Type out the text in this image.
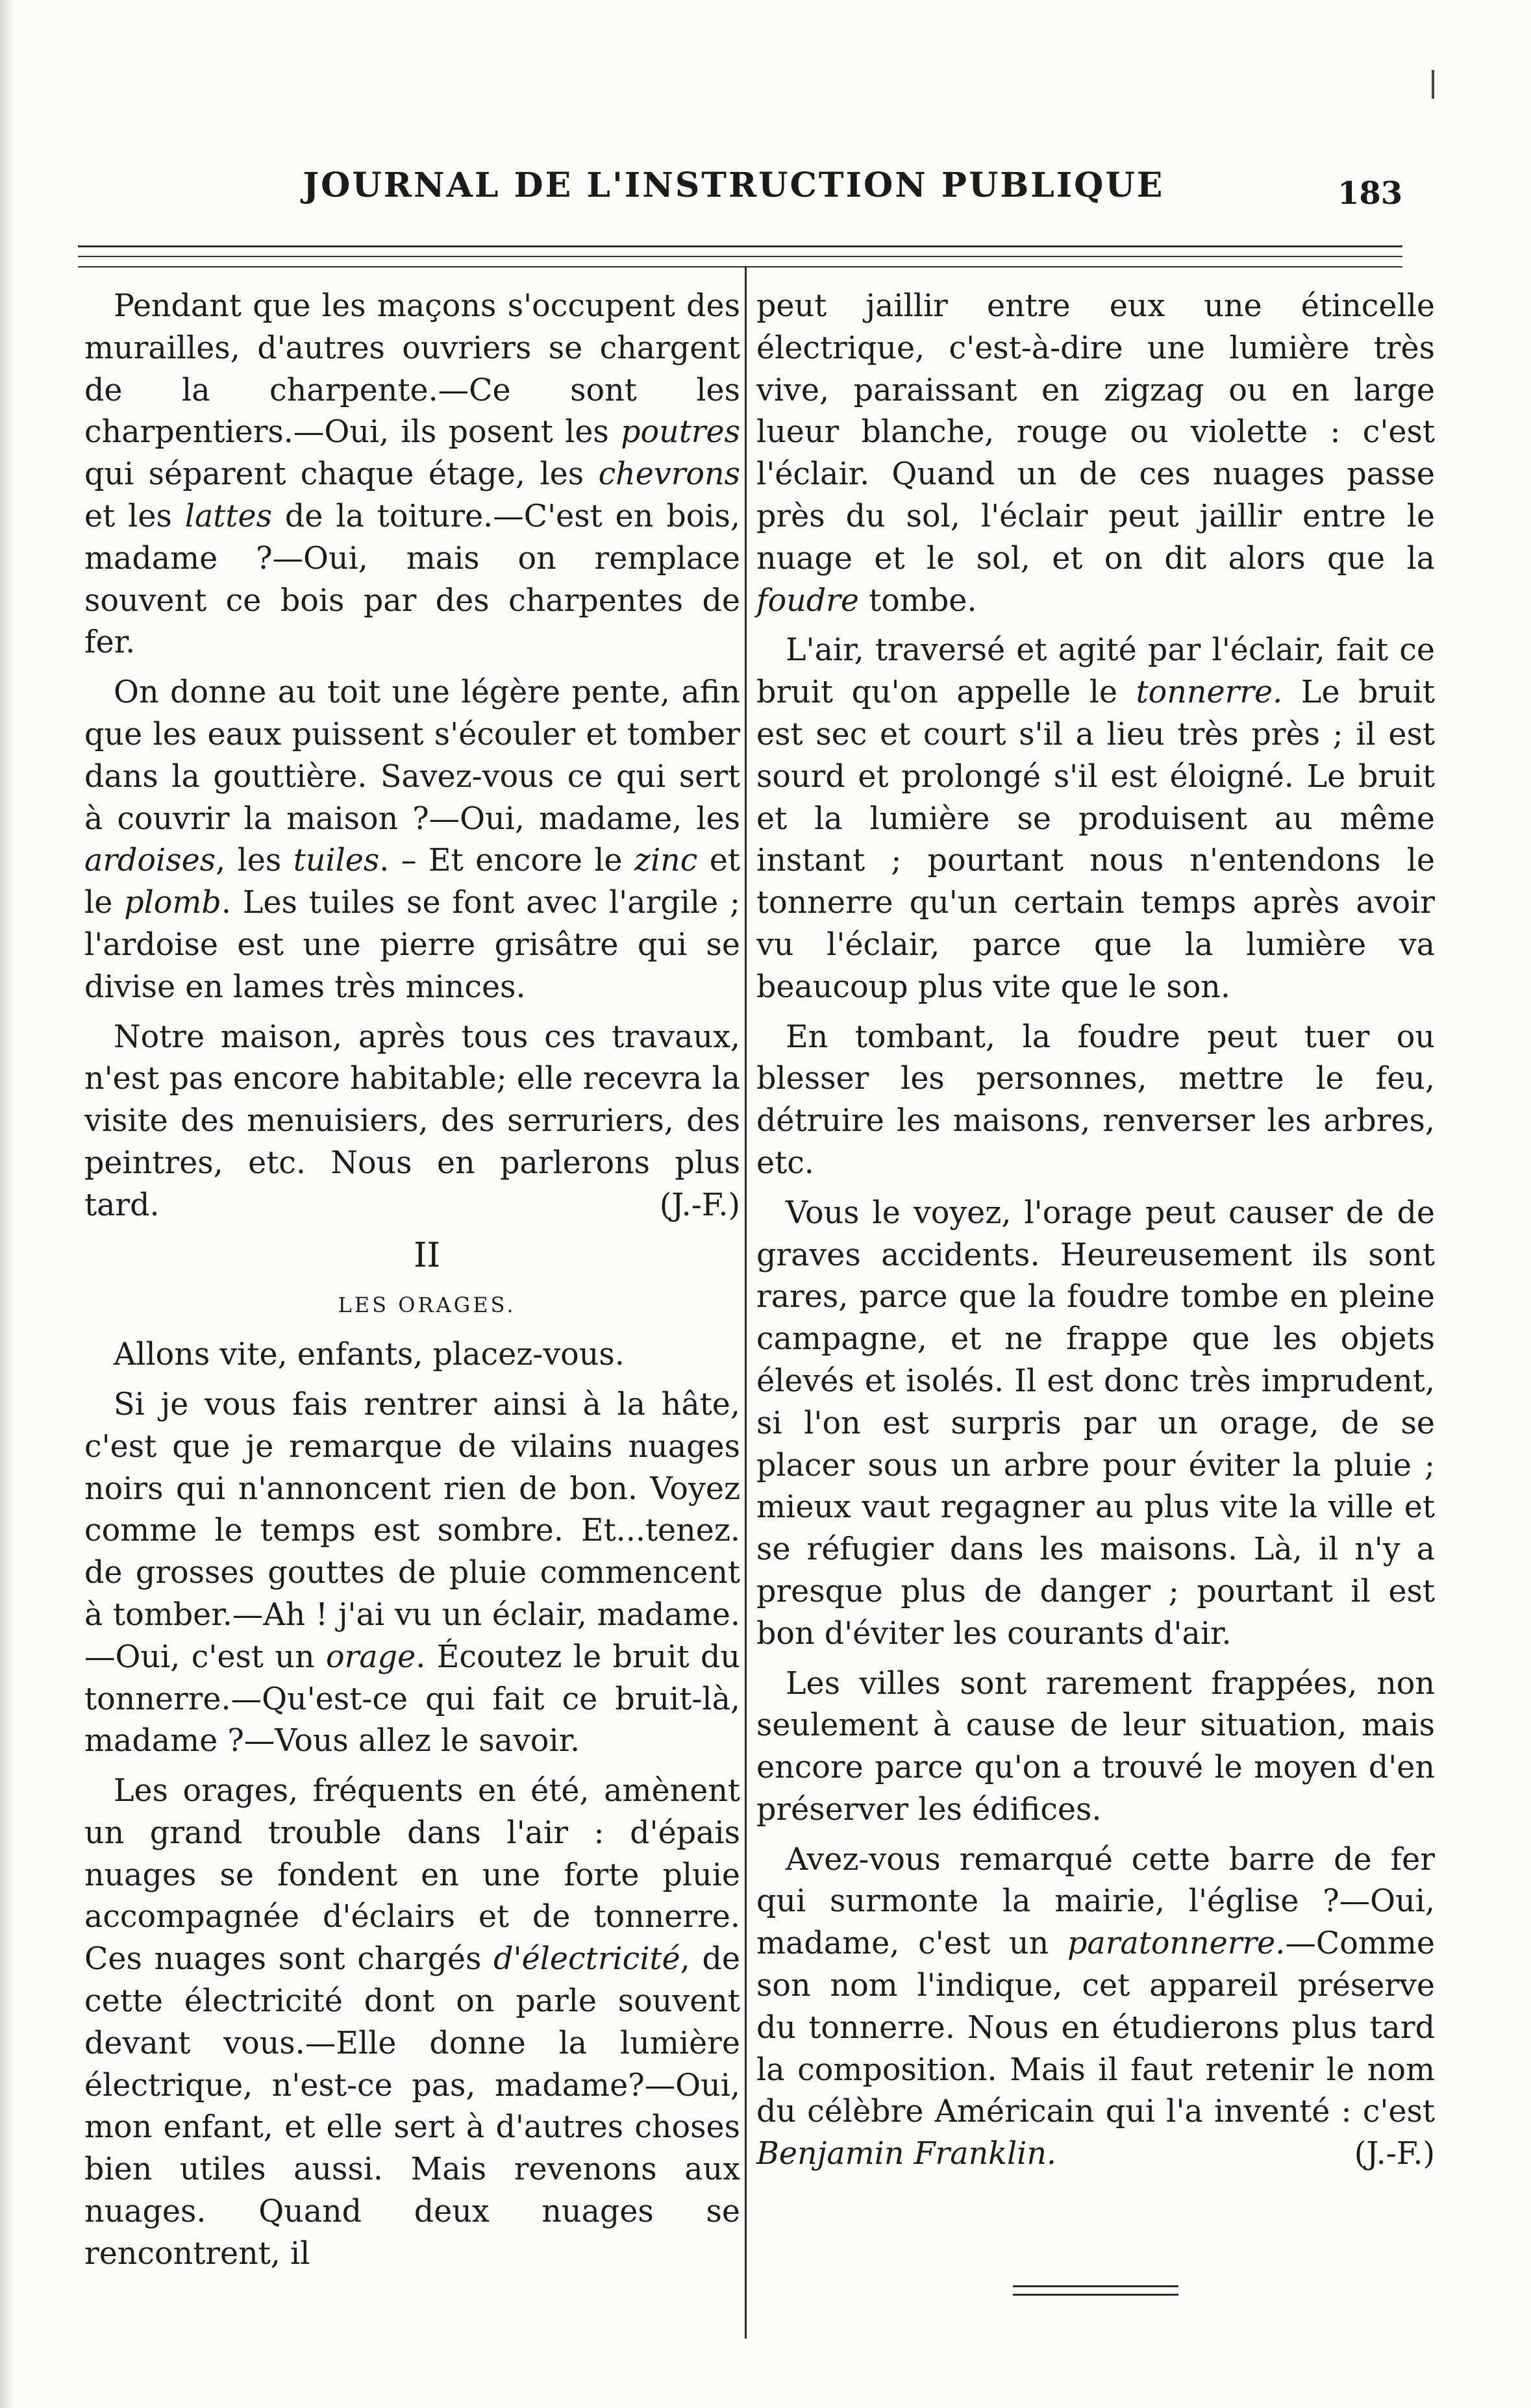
JOURNAL DE L'INSTRUCTION PUBLIQUE	183

Pendant que les maçons s'occupent des murailles, d'autres ouvriers se chargent de la charpente.—Ce sont les charpentiers.—Oui, ils posent les poutres qui séparent chaque étage, les chevrons et les lattes de la toiture.—C'est en bois, madame ?—Oui, mais on remplace souvent ce bois par des charpentes de fer.

On donne au toit une légère pente, afin que les eaux puissent s'écouler et tomber dans la gouttière. Savez-vous ce qui sert à couvrir la maison ?—Oui, madame, les ardoises, les tuiles. – Et encore le zinc et le plomb. Les tuiles se font avec l'argile ; l'ardoise est une pierre grisâtre qui se divise en lames très minces.

Notre maison, après tous ces travaux, n'est pas encore habitable; elle recevra la visite des menuisiers, des serruriers, des peintres, etc. Nous en parlerons plus tard.	(J.-F.)

II

LES ORAGES.

Allons vite, enfants, placez-vous.

Si je vous fais rentrer ainsi à la hâte, c'est que je remarque de vilains nuages noirs qui n'annoncent rien de bon. Voyez comme le temps est sombre. Et...tenez. de grosses gouttes de pluie commencent à tomber.—Ah ! j'ai vu un éclair, madame.—Oui, c'est un orage. Écoutez le bruit du tonnerre.—Qu'est-ce qui fait ce bruit-là, madame ?—Vous allez le savoir.

Les orages, fréquents en été, amènent un grand trouble dans l'air : d'épais nuages se fondent en une forte pluie accompagnée d'éclairs et de tonnerre. Ces nuages sont chargés d'électricité, de cette électricité dont on parle souvent devant vous.—Elle donne la lumière électrique, n'est-ce pas, madame?—Oui, mon enfant, et elle sert à d'autres choses bien utiles aussi. Mais revenons aux nuages. Quand deux nuages se rencontrent, il

peut jaillir entre eux une étincelle électrique, c'est-à-dire une lumière très vive, paraissant en zigzag ou en large lueur blanche, rouge ou violette : c'est l'éclair. Quand un de ces nuages passe près du sol, l'éclair peut jaillir entre le nuage et le sol, et on dit alors que la foudre tombe.

L'air, traversé et agité par l'éclair, fait ce bruit qu'on appelle le tonnerre. Le bruit est sec et court s'il a lieu très près ; il est sourd et prolongé s'il est éloigné. Le bruit et la lumière se produisent au même instant ; pourtant nous n'entendons le tonnerre qu'un certain temps après avoir vu l'éclair, parce que la lumière va beaucoup plus vite que le son.

En tombant, la foudre peut tuer ou blesser les personnes, mettre le feu, détruire les maisons, renverser les arbres, etc.

Vous le voyez, l'orage peut causer de de graves accidents. Heureusement ils sont rares, parce que la foudre tombe en pleine campagne, et ne frappe que les objets élevés et isolés. Il est donc très imprudent, si l'on est surpris par un orage, de se placer sous un arbre pour éviter la pluie ; mieux vaut regagner au plus vite la ville et se réfugier dans les maisons. Là, il n'y a presque plus de danger ; pourtant il est bon d'éviter les courants d'air.

Les villes sont rarement frappées, non seulement à cause de leur situation, mais encore parce qu'on a trouvé le moyen d'en préserver les édifices.

Avez-vous remarqué cette barre de fer qui surmonte la mairie, l'église ?—Oui, madame, c'est un paratonnerre.—Comme son nom l'indique, cet appareil préserve du tonnerre. Nous en étudierons plus tard la composition. Mais il faut retenir le nom du célèbre Américain qui l'a inventé : c'est Benjamin Franklin.	(J.-F.)
